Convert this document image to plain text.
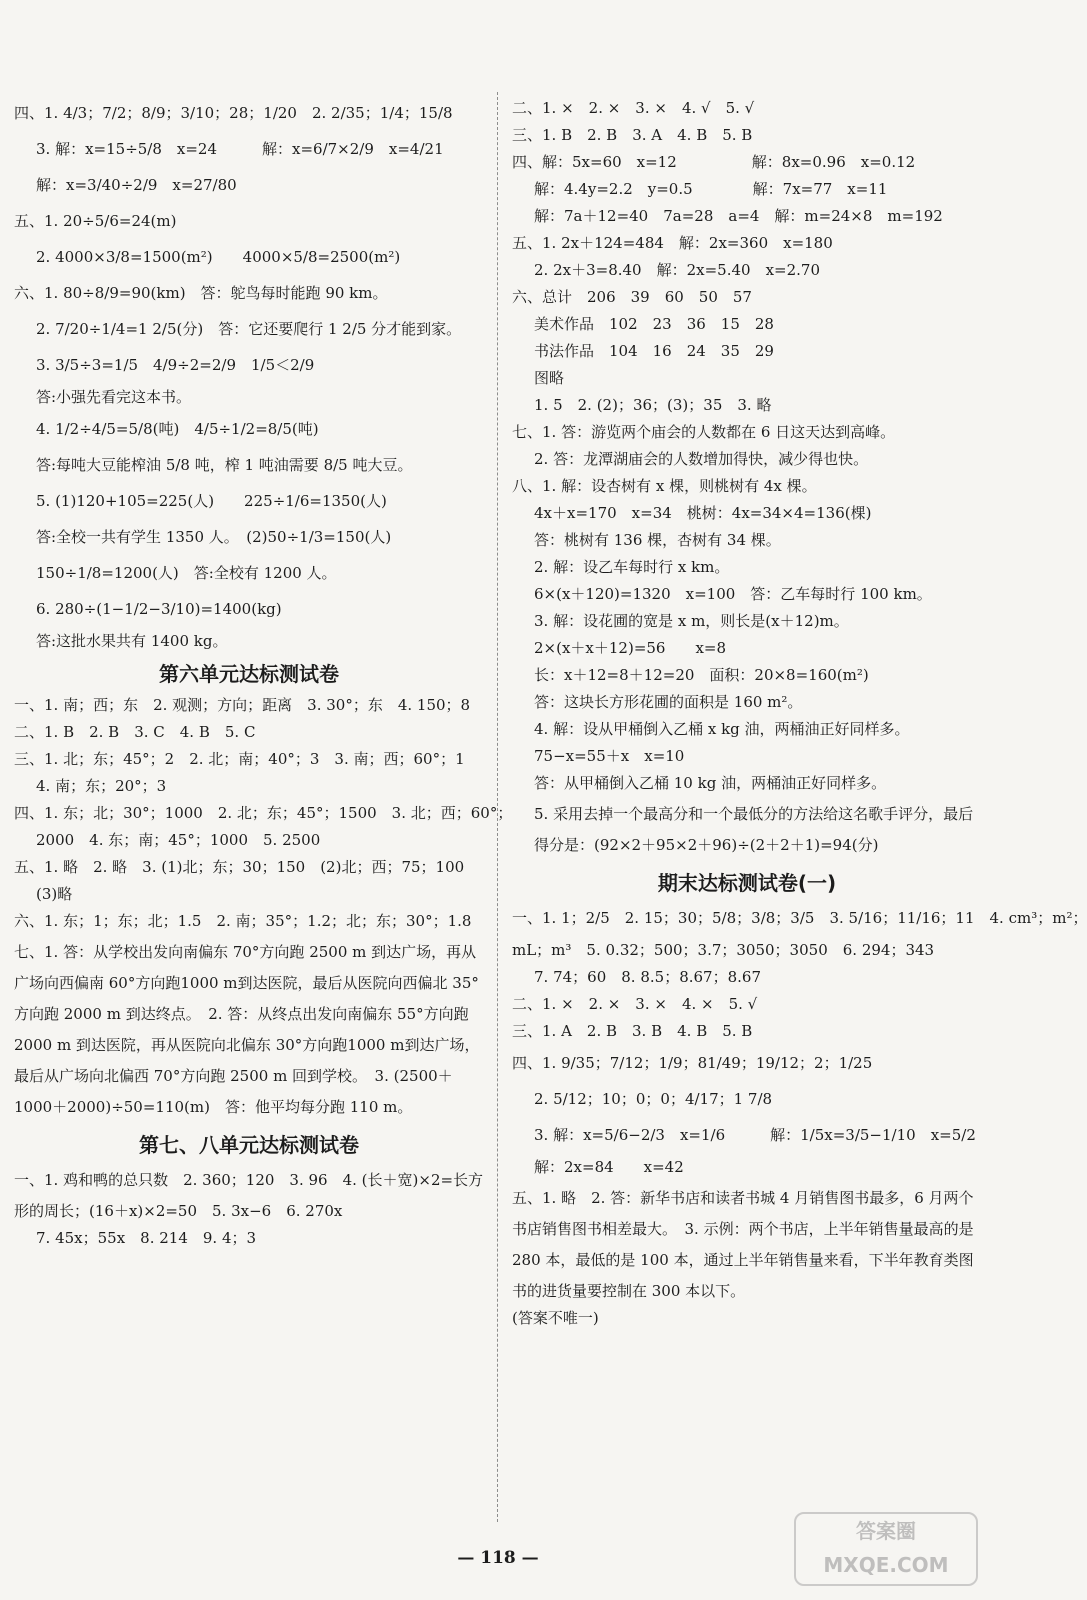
四、1. 4/3；7/2；8/9；3/10；28；1/20　2. 2/35；1/4；15/8
3. 解：x=15÷5/8　x=24　　　解：x=6/7×2/9　x=4/21
解：x=3/40÷2/9　x=27/80
五、1. 20÷5/6=24(m)
2. 4000×3/8=1500(m²)　　4000×5/8=2500(m²)
六、1. 80÷8/9=90(km)　答：鸵鸟每时能跑 90 km。
2. 7/20÷1/4=1 2/5(分)　答：它还要爬行 1 2/5 分才能到家。
3. 3/5÷3=1/5　4/9÷2=2/9　1/5＜2/9
答:小强先看完这本书。
4. 1/2÷4/5=5/8(吨)　4/5÷1/2=8/5(吨)
答:每吨大豆能榨油 5/8 吨，榨 1 吨油需要 8/5 吨大豆。
5. (1)120+105=225(人)　　225÷1/6=1350(人)
答:全校一共有学生 1350 人。　(2)50÷1/3=150(人)
150÷1/8=1200(人)　答:全校有 1200 人。
6. 280÷(1−1/2−3/10)=1400(kg)
答:这批水果共有 1400 kg。
第六单元达标测试卷
一、1. 南；西；东　2. 观测；方向；距离　3. 30°；东　4. 150；8
二、1. B　2. B　3. C　4. B　5. C
三、1. 北；东；45°；2　2. 北；南；40°；3　3. 南；西；60°；1
4. 南；东；20°；3
四、1. 东；北；30°；1000　2. 北；东；45°；1500　3. 北；西；60°；
2000　4. 东；南；45°；1000　5. 2500
五、1. 略　2. 略　3. (1)北；东；30；150　(2)北；西；75；100
(3)略
六、1. 东；1；东；北；1.5　2. 南；35°；1.2；北；东；30°；1.8
七、1. 答：从学校出发向南偏东 70°方向跑 2500 m 到达广场，再从广场向西偏南 60°方向跑1000 m到达医院，最后从医院向西偏北 35°方向跑 2000 m 到达终点。　2. 答：从终点出发向南偏东 55°方向跑 2000 m 到达医院，再从医院向北偏东 30°方向跑1000 m到达广场，最后从广场向北偏西 70°方向跑 2500 m 回到学校。　3. (2500＋1000＋2000)÷50=110(m)　答：他平均每分跑 110 m。
第七、八单元达标测试卷
一、1. 鸡和鸭的总只数　2. 360；120　3. 96　4. (长＋宽)×2=长方形的周长；(16＋x)×2=50　5. 3x−6　6. 270x
7. 45x；55x　8. 214　9. 4；3
二、1. ×　2. ×　3. ×　4. √　5. √
三、1. B　2. B　3. A　4. B　5. B
四、解：5x=60　x=12　　　　　解：8x=0.96　x=0.12
解：4.4y=2.2　y=0.5　　　　解：7x=77　x=11
解：7a＋12=40　7a=28　a=4　解：m=24×8　m=192
五、1. 2x＋124=484　解：2x=360　x=180
2. 2x＋3=8.40　解：2x=5.40　x=2.70
六、总计　206　39　60　50　57
美术作品　102　23　36　15　28
书法作品　104　16　24　35　29
图略
1. 5　2. (2)；36；(3)；35　3. 略
七、1. 答：游览两个庙会的人数都在 6 日这天达到高峰。
2. 答：龙潭湖庙会的人数增加得快，减少得也快。
八、1. 解：设杏树有 x 棵，则桃树有 4x 棵。
4x＋x=170　x=34　桃树：4x=34×4=136(棵)
答：桃树有 136 棵，杏树有 34 棵。
2. 解：设乙车每时行 x km。
6×(x＋120)=1320　x=100　答：乙车每时行 100 km。
3. 解：设花圃的宽是 x m，则长是(x＋12)m。
2×(x＋x＋12)=56　　x=8
长：x＋12=8＋12=20　面积：20×8=160(m²)
答：这块长方形花圃的面积是 160 m²。
4. 解：设从甲桶倒入乙桶 x kg 油，两桶油正好同样多。
75−x=55＋x　x=10
答：从甲桶倒入乙桶 10 kg 油，两桶油正好同样多。
5. 采用去掉一个最高分和一个最低分的方法给这名歌手评分，最后得分是：(92×2＋95×2＋96)÷(2＋2＋1)=94(分)
期末达标测试卷(一)
一、1. 1；2/5　2. 15；30；5/8；3/8；3/5　3. 5/16；11/16；11　4. cm³；m²；
mL；m³　5. 0.32；500；3.7；3050；3050　6. 294；343
7. 74；60　8. 8.5；8.67；8.67
二、1. ×　2. ×　3. ×　4. ×　5. √
三、1. A　2. B　3. B　4. B　5. B
四、1. 9/35；7/12；1/9；81/49；19/12；2；1/25
2. 5/12；10；0；0；4/17；1 7/8
3. 解：x=5/6−2/3　x=1/6　　　解：1/5x=3/5−1/10　x=5/2
解：2x=84　　x=42
五、1. 略　2. 答：新华书店和读者书城 4 月销售图书最多，6 月两个书店销售图书相差最大。　3. 示例：两个书店，上半年销售量最高的是 280 本，最低的是 100 本，通过上半年销售量来看，下半年教育类图书的进货量要控制在 300 本以下。
(答案不唯一)
— 118 —
答案圈 MXQE.COM
